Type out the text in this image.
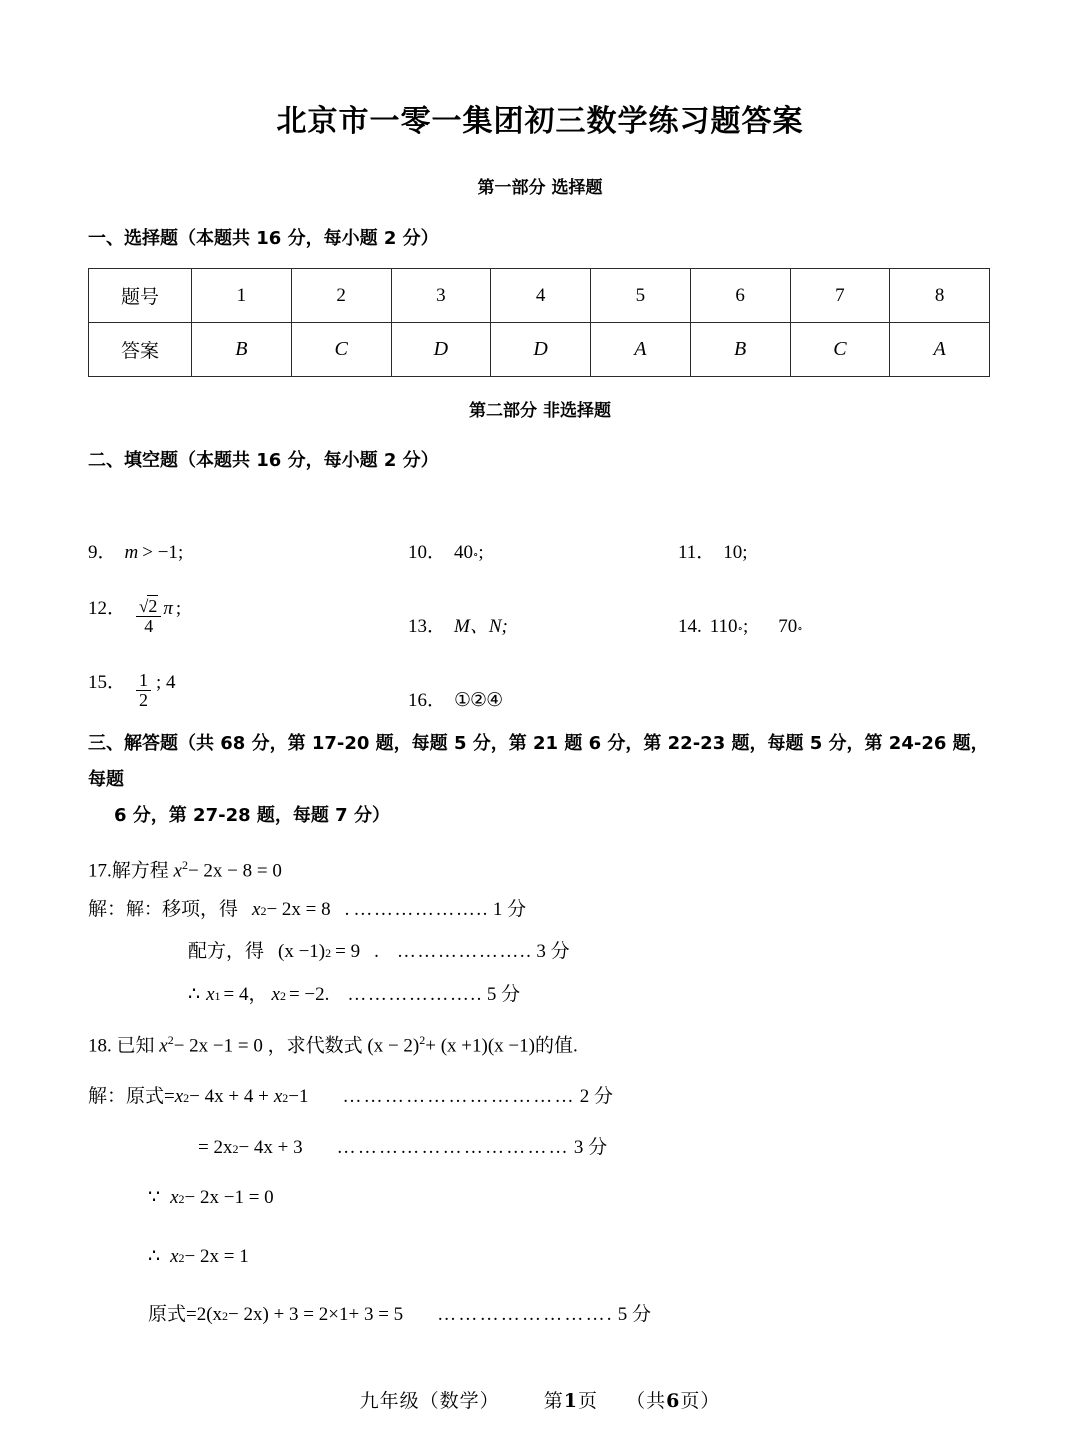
北京市一零一集团初三数学练习题答案
第一部分 选择题
一、选择题（本题共 16 分，每小题 2 分）
题号	1	2	3	4	5	6	7	8
答案	B	C	D	D	A	B	C	A
第二部分 非选择题
二、填空题（本题共 16 分，每小题 2 分）
9． m > −1 ;	10． 40 ∘ ;	11． 10;
12． $\frac{√2}{4}$ π ;
13． M、N;	14. 110 ∘ ; 70 ∘
15． $\frac{1}{2}$ ; 4
16． ①②④
三、解答题（共 68 分，第 17-20 题，每题 5 分，第 21 题 6 分，第 22-23 题，每题 5 分，第 24-26 题，每题
6 分，第 27-28 题，每题 7 分）
17.解方程 $x^2- 2x - 8 = 0$
解： 解： 移项，得 x 2 − 2x = 8 . ……………….. 1 分
配方，得 (x −1) 2 = 9 . ……………….. 3 分
∴ x 1 = 4 ， x 2 = −2 . ……………….. 5 分
18. 已知 $x^2- 2x -1 = 0$ ，求代数式 $(x - 2)^2+ (x +1)(x -1)$的值.
解： 原式= x 2 − 4x + 4 + x 2 −1 …………………………… 2 分
= 2x 2 − 4x + 3 …………………………… 3 分
∵ x 2 − 2x −1 = 0
∴ x 2 − 2x = 1
原式= 2(x 2 − 2x) + 3 = 2×1+ 3 = 5 ……………………. 5 分
九年级（数学） 第1页 （共6页）
